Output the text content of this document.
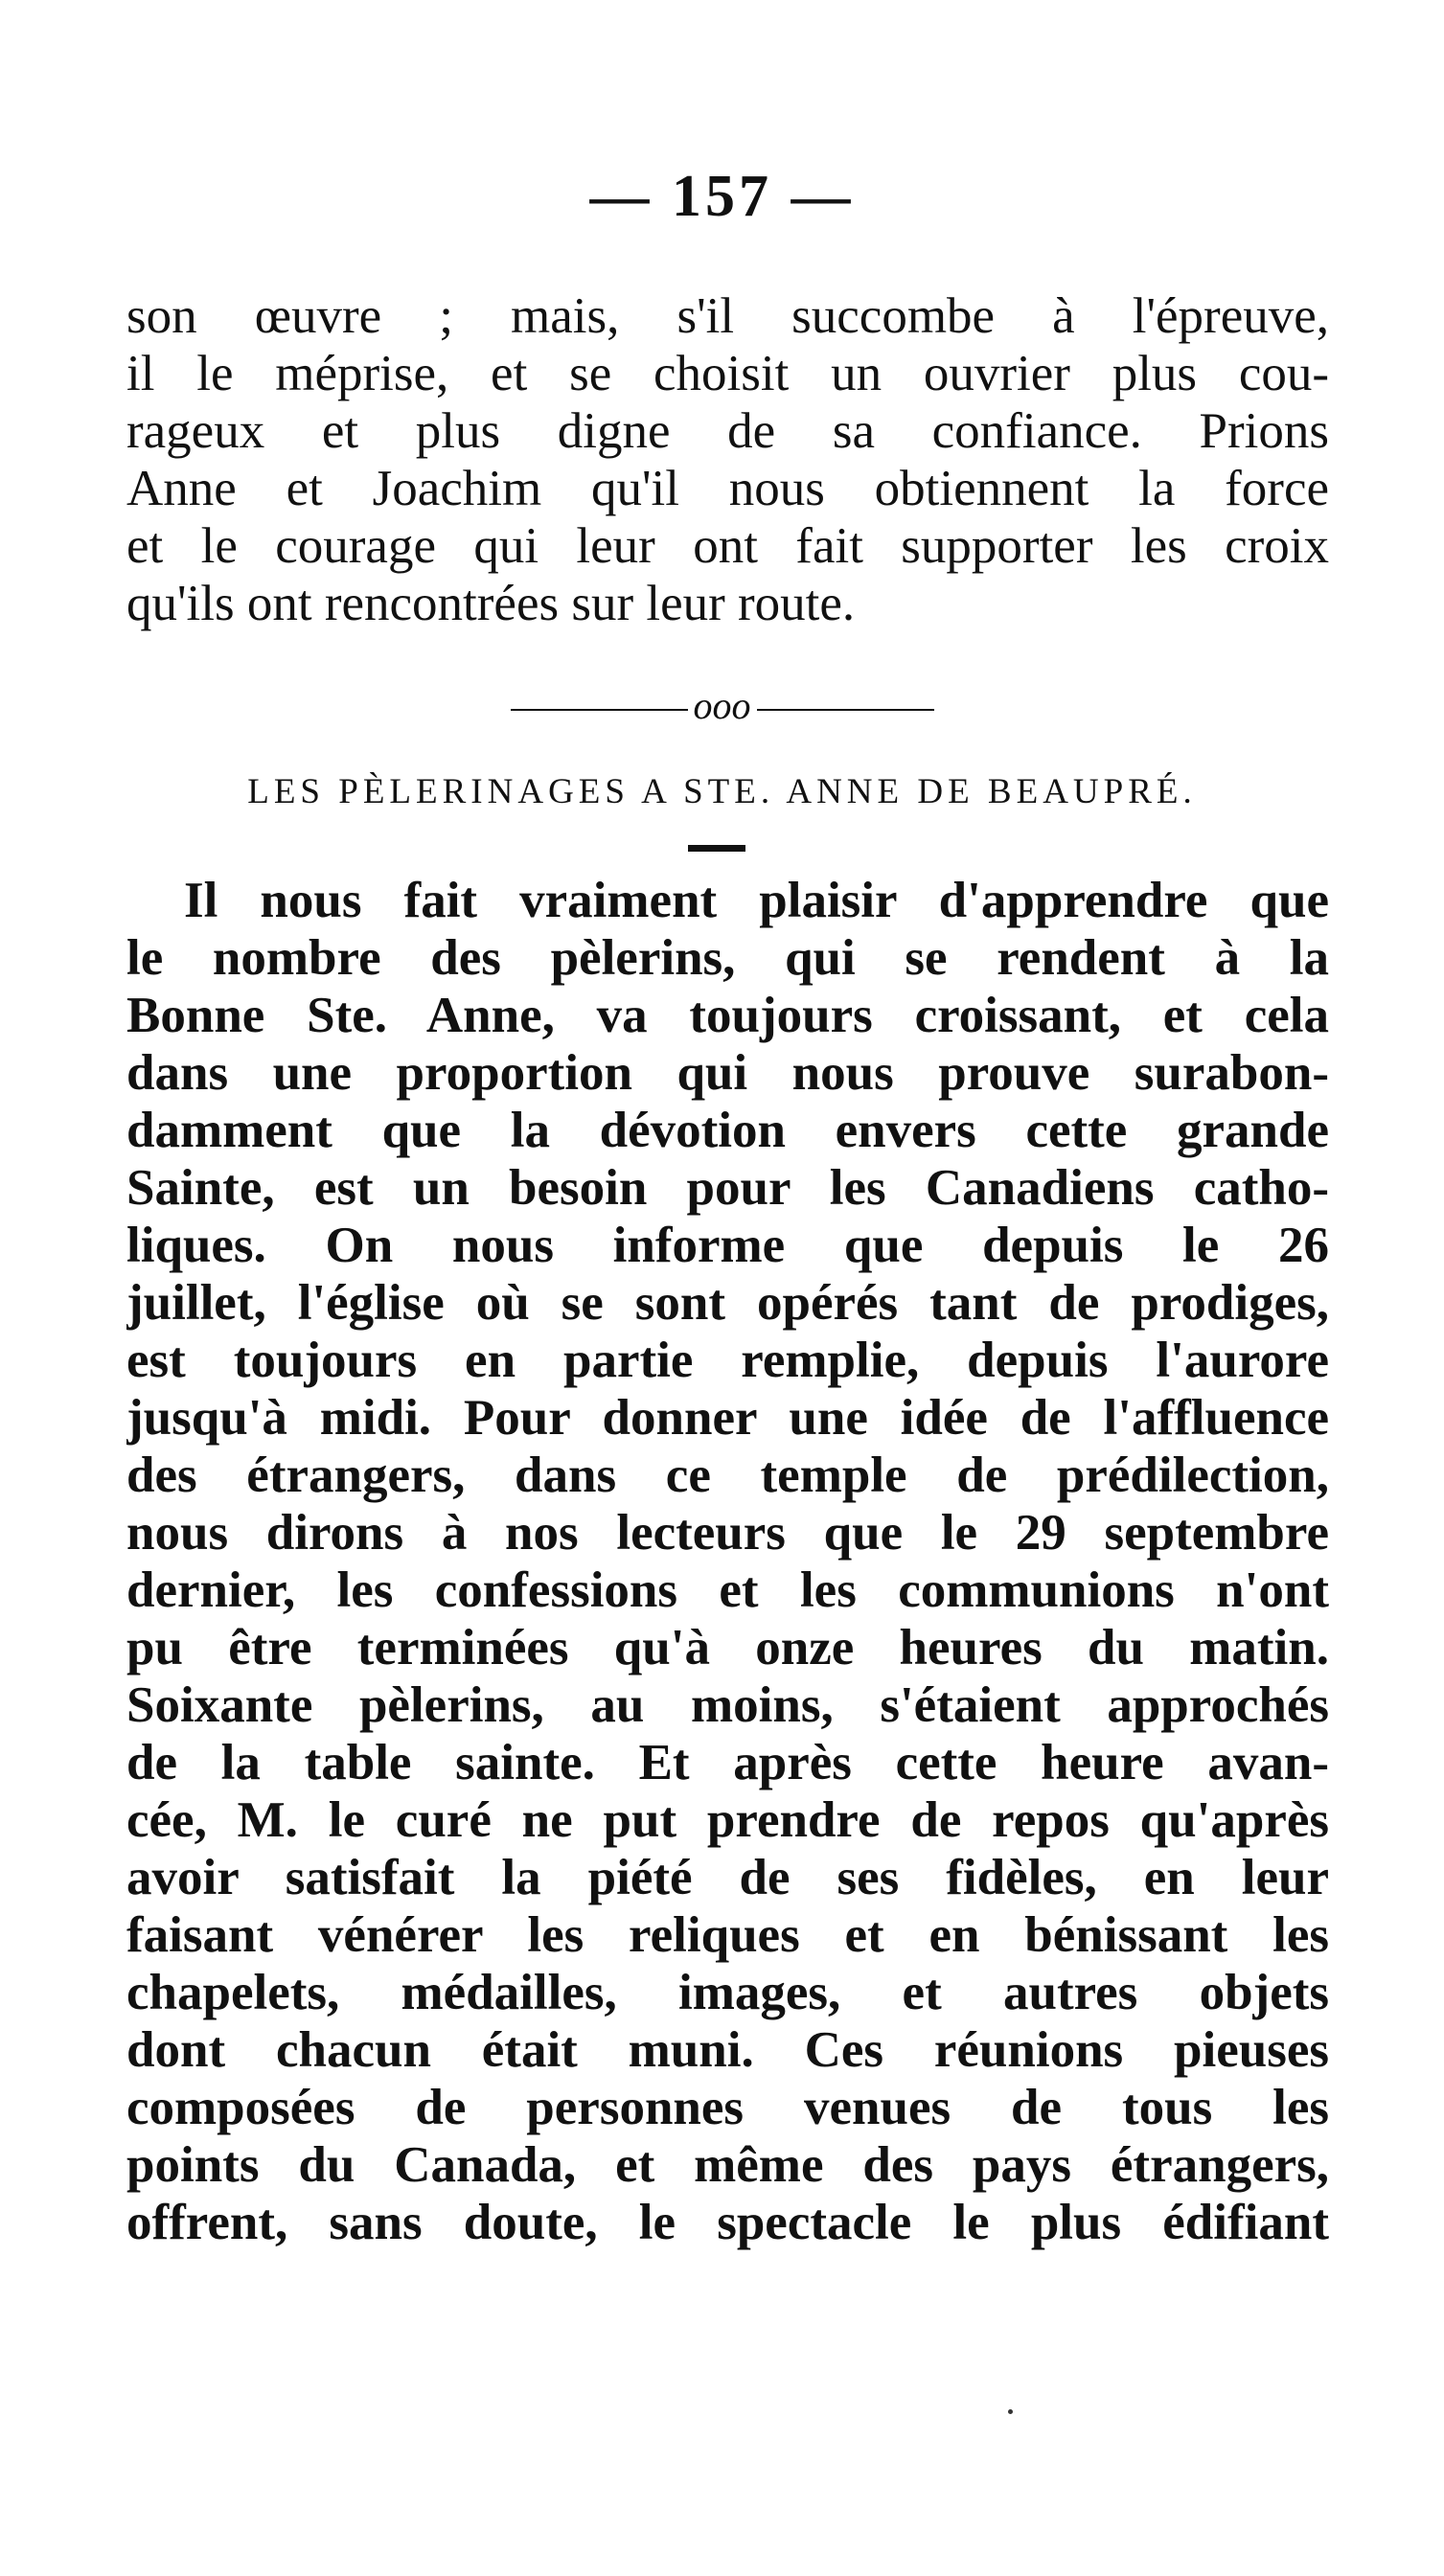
— 157 —
son œuvre ; mais, s'il succombe à l'épreuve,
il le méprise, et se choisit un ouvrier plus cou-
rageux et plus digne de sa confiance. Prions
Anne et Joachim qu'il nous obtiennent la force
et le courage qui leur ont fait supporter les croix
qu'ils ont rencontrées sur leur route.
ooo
LES PÈLERINAGES A STE. ANNE DE BEAUPRÉ.
Il nous fait vraiment plaisir d'apprendre que
le nombre des pèlerins, qui se rendent à la
Bonne Ste. Anne, va toujours croissant, et cela
dans une proportion qui nous prouve surabon-
damment que la dévotion envers cette grande
Sainte, est un besoin pour les Canadiens catho-
liques. On nous informe que depuis le 26
juillet, l'église où se sont opérés tant de prodiges,
est toujours en partie remplie, depuis l'aurore
jusqu'à midi. Pour donner une idée de l'affluence
des étrangers, dans ce temple de prédilection,
nous dirons à nos lecteurs que le 29 septembre
dernier, les confessions et les communions n'ont
pu être terminées qu'à onze heures du matin.
Soixante pèlerins, au moins, s'étaient approchés
de la table sainte. Et après cette heure avan-
cée, M. le curé ne put prendre de repos qu'après
avoir satisfait la piété de ses fidèles, en leur
faisant vénérer les reliques et en bénissant les
chapelets, médailles, images, et autres objets
dont chacun était muni. Ces réunions pieuses
composées de personnes venues de tous les
points du Canada, et même des pays étrangers,
offrent, sans doute, le spectacle le plus édifiant
